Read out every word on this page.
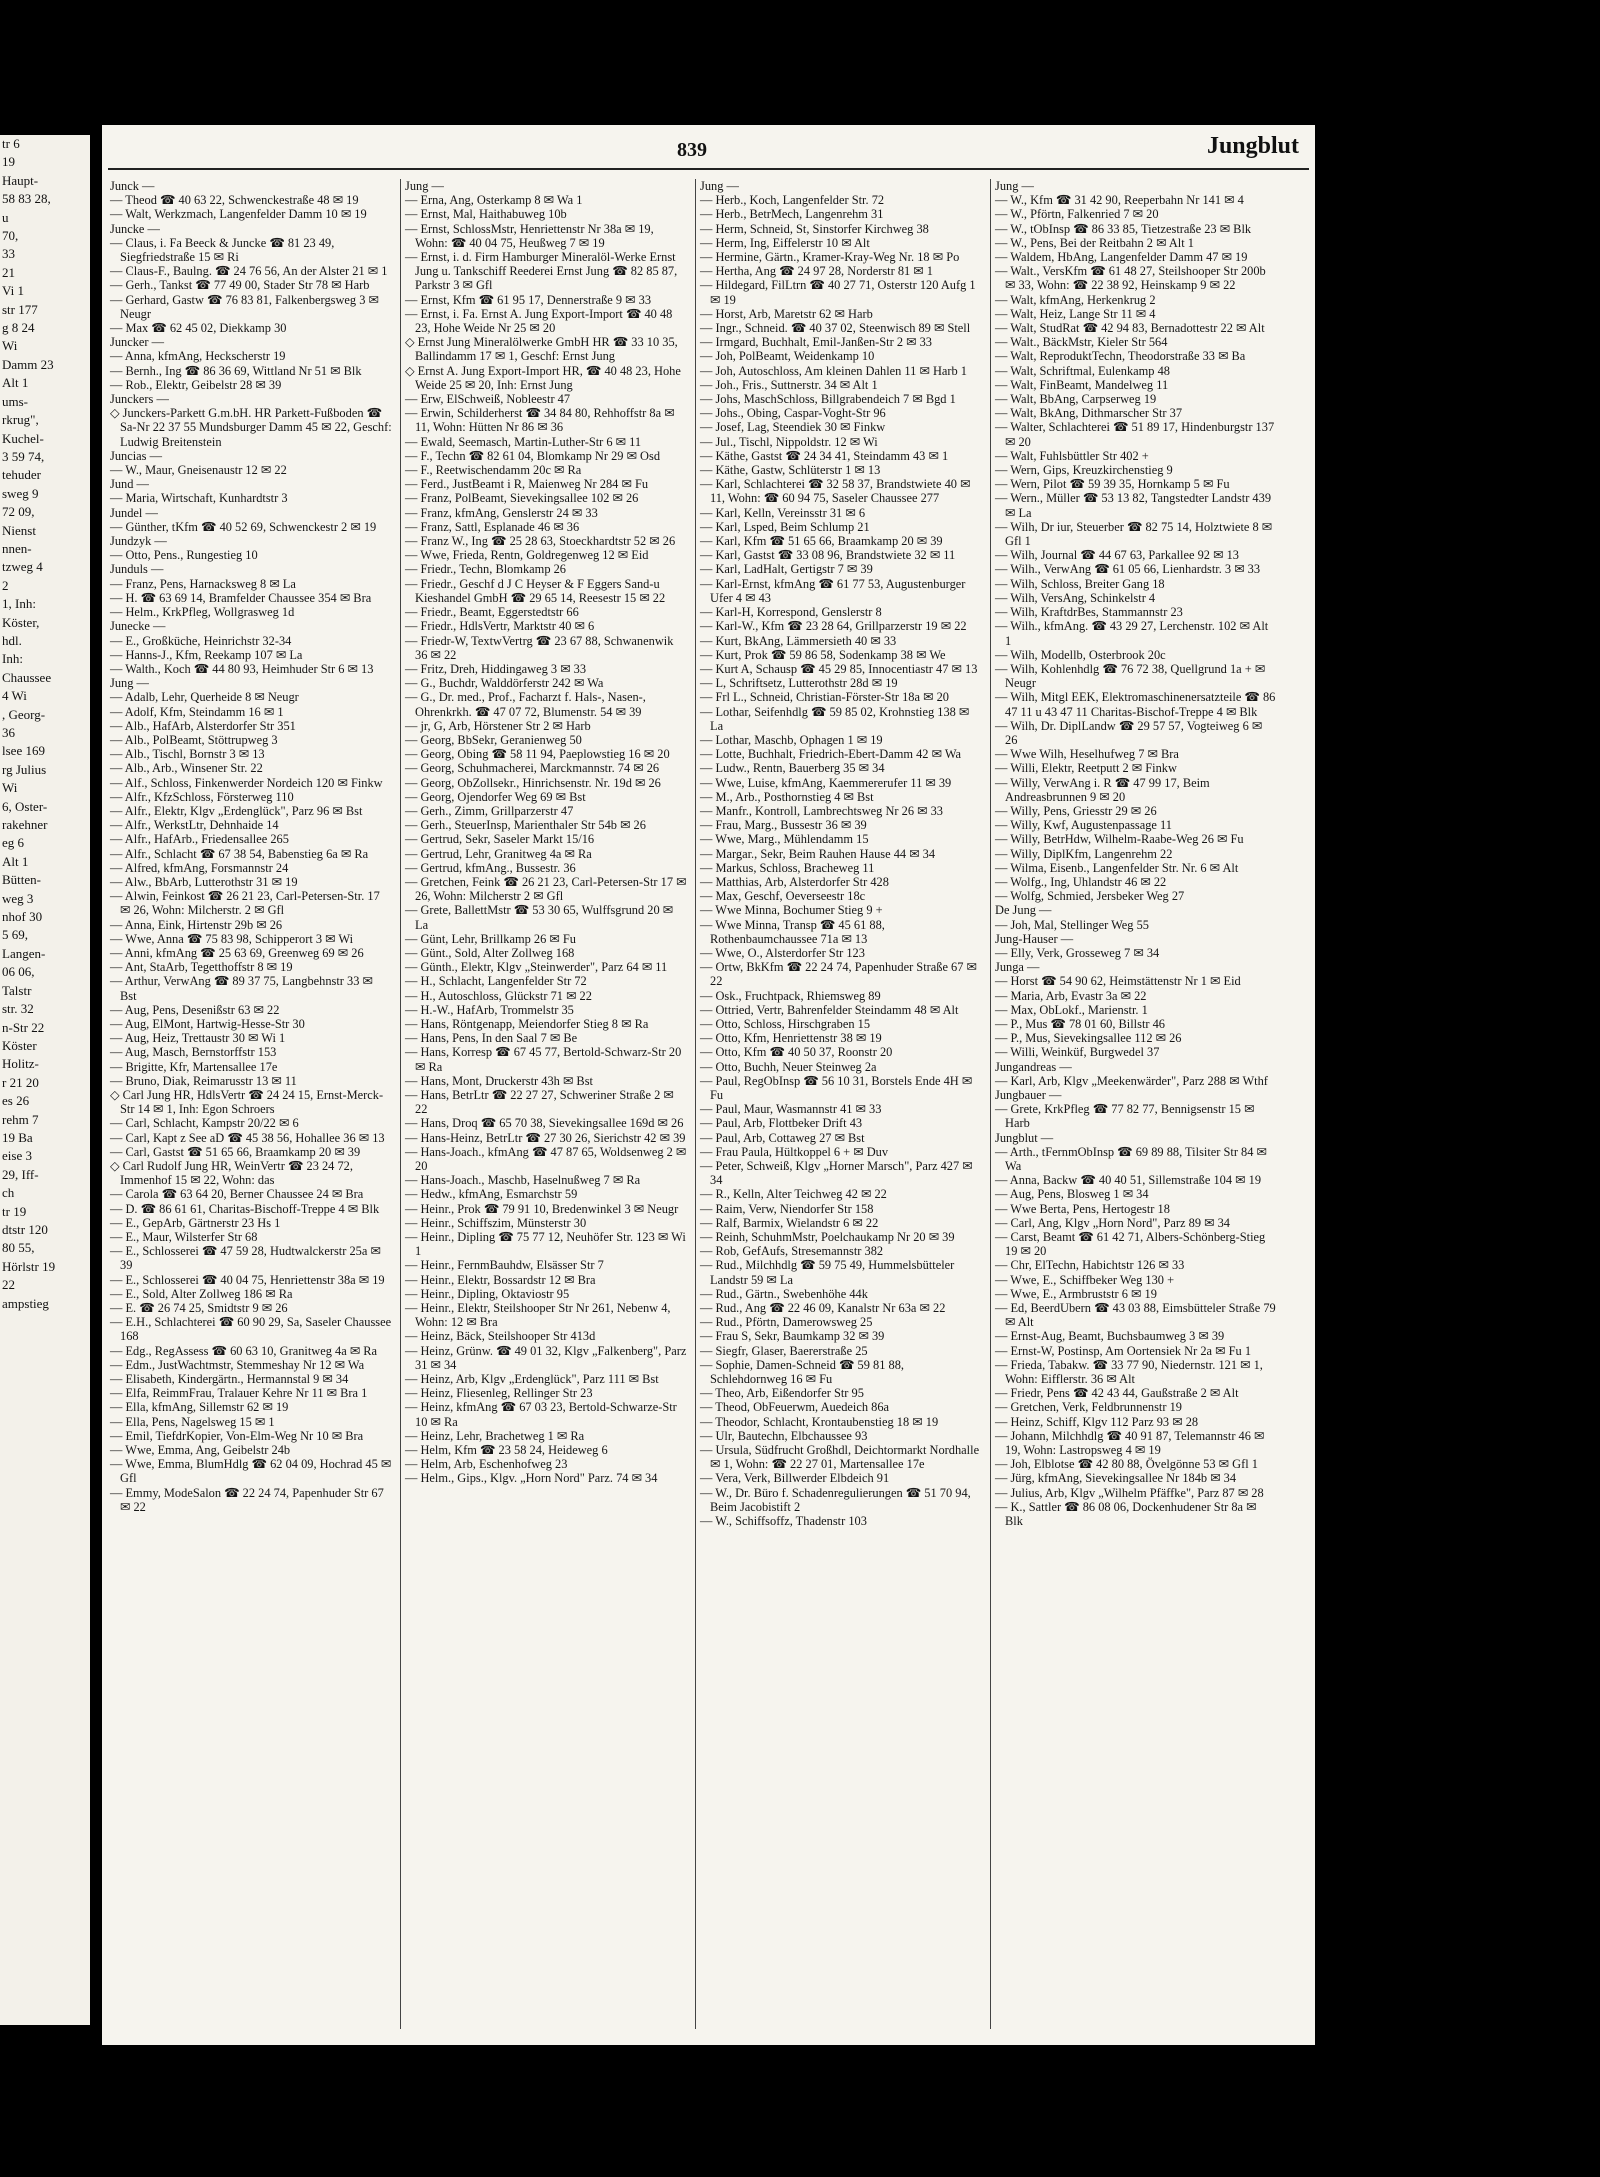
tr 6
19
Haupt-
58 83 28,
u
70,
33
21
Vi 1
str 177
g 8 24
Wi
Damm 23
Alt 1
ums-
rkrug",
Kuchel-
3 59 74,
tehuder
sweg 9
72 09,
Nienst
nnen-
tzweg 4
2
1, Inh:
Köster,
hdl.
Inh:
Chaussee
4 Wi
, Georg-
36
lsee 169
rg Julius
Wi
6, Oster-
rakehner
eg 6
Alt 1
Bütten-
weg 3
nhof 30
5 69,
Langen-
06 06,
Talstr
str. 32
n-Str 22
Köster
Holitz-
r 21 20
es 26
rehm 7
19 Ba
eise 3
29, Iff-
ch
tr 19
dtstr 120
80 55,
Hörlstr 19
22
ampstieg
839	Jungblut

Junck —

— Theod ☎ 40 63 22, Schwenckestraße 48 ✉ 19

— Walt, Werkzmach, Langenfelder Damm 10 ✉ 19

Juncke —

— Claus, i. Fa Beeck & Juncke ☎ 81 23 49, Siegfriedstraße 15 ✉ Ri

— Claus-F., Baulng. ☎ 24 76 56, An der Alster 21 ✉ 1

— Gerh., Tankst ☎ 77 49 00, Stader Str 78 ✉ Harb

— Gerhard, Gastw ☎ 76 83 81, Falkenbergsweg 3 ✉ Neugr

— Max ☎ 62 45 02, Diekkamp 30

Juncker —

— Anna, kfmAng, Heckscherstr 19

— Bernh., Ing ☎ 86 36 69, Wittland Nr 51 ✉ Blk

— Rob., Elektr, Geibelstr 28 ✉ 39

Junckers —

◇ Junckers-Parkett G.m.bH. HR Parkett-Fußboden ☎ Sa-Nr 22 37 55 Mundsburger Damm 45 ✉ 22, Geschf: Ludwig Breitenstein

Juncias —

— W., Maur, Gneisenaustr 12 ✉ 22

Jund —

— Maria, Wirtschaft, Kunhardtstr 3

Jundel —

— Günther, tKfm ☎ 40 52 69, Schwenckestr 2 ✉ 19

Jundzyk —

— Otto, Pens., Rungestieg 10

Junduls —

— Franz, Pens, Harnacksweg 8 ✉ La

— H. ☎ 63 69 14, Bramfelder Chaussee 354 ✉ Bra

— Helm., KrkPfleg, Wollgrasweg 1d

Junecke —

— E., Großküche, Heinrichstr 32-34

— Hanns-J., Kfm, Reekamp 107 ✉ La

— Walth., Koch ☎ 44 80 93, Heimhuder Str 6 ✉ 13

Jung —

— Adalb, Lehr, Querheide 8 ✉ Neugr

— Adolf, Kfm, Steindamm 16 ✉ 1

— Alb., HafArb, Alsterdorfer Str 351

— Alb., PolBeamt, Stöttrupweg 3

— Alb., Tischl, Bornstr 3 ✉ 13

— Alb., Arb., Winsener Str. 22

— Alf., Schloss, Finkenwerder Nordeich 120 ✉ Finkw

— Alfr., KfzSchloss, Försterweg 110

— Alfr., Elektr, Klgv „Erdenglück", Parz 96 ✉ Bst

— Alfr., WerkstLtr, Dehnhaide 14

— Alfr., HafArb., Friedensallee 265

— Alfr., Schlacht ☎ 67 38 54, Babenstieg 6a ✉ Ra

— Alfred, kfmAng, Forsmannstr 24

— Alw., BbArb, Lutterothstr 31 ✉ 19

— Alwin, Feinkost ☎ 26 21 23, Carl-Petersen-Str. 17 ✉ 26, Wohn: Milcherstr. 2 ✉ Gfl

— Anna, Eink, Hirtenstr 29b ✉ 26

— Wwe, Anna ☎ 75 83 98, Schipperort 3 ✉ Wi

— Anni, kfmAng ☎ 25 63 69, Greenweg 69 ✉ 26

— Ant, StaArb, Tegetthoffstr 8 ✉ 19

— Arthur, VerwAng ☎ 89 37 75, Langbehnstr 33 ✉ Bst

— Aug, Pens, Desenißstr 63 ✉ 22

— Aug, ElMont, Hartwig-Hesse-Str 30

— Aug, Heiz, Trettaustr 30 ✉ Wi 1

— Aug, Masch, Bernstorffstr 153

— Brigitte, Kfr, Martensallee 17e

— Bruno, Diak, Reimarusstr 13 ✉ 11

◇ Carl Jung HR, HdlsVertr ☎ 24 24 15, Ernst-Merck-Str 14 ✉ 1, Inh: Egon Schroers

— Carl, Schlacht, Kampstr 20/22 ✉ 6

— Carl, Kapt z See aD ☎ 45 38 56, Hohallee 36 ✉ 13

— Carl, Gastst ☎ 51 65 66, Braamkamp 20 ✉ 39

◇ Carl Rudolf Jung HR, WeinVertr ☎ 23 24 72, Immenhof 15 ✉ 22, Wohn: das

— Carola ☎ 63 64 20, Berner Chaussee 24 ✉ Bra

— D. ☎ 86 61 61, Charitas-Bischoff-Treppe 4 ✉ Blk

— E., GepArb, Gärtnerstr 23 Hs 1

— E., Maur, Wilsterfer Str 68

— E., Schlosserei ☎ 47 59 28, Hudtwalckerstr 25a ✉ 39

— E., Schlosserei ☎ 40 04 75, Henriettenstr 38a ✉ 19

— E., Sold, Alter Zollweg 186 ✉ Ra

— E. ☎ 26 74 25, Smidtstr 9 ✉ 26

— E.H., Schlachterei ☎ 60 90 29, Sa, Saseler Chaussee 168

— Edg., RegAssess ☎ 60 63 10, Granitweg 4a ✉ Ra

— Edm., JustWachtmstr, Stemmeshay Nr 12 ✉ Wa

— Elisabeth, Kindergärtn., Hermannstal 9 ✉ 34

— Elfa, ReimmFrau, Tralauer Kehre Nr 11 ✉ Bra 1

— Ella, kfmAng, Sillemstr 62 ✉ 19

— Ella, Pens, Nagelsweg 15 ✉ 1

— Emil, TiefdrKopier, Von-Elm-Weg Nr 10 ✉ Bra

— Wwe, Emma, Ang, Geibelstr 24b

— Wwe, Emma, BlumHdlg ☎ 62 04 09, Hochrad 45 ✉ Gfl

— Emmy, ModeSalon ☎ 22 24 74, Papenhuder Str 67 ✉ 22

Jung —

— Erna, Ang, Osterkamp 8 ✉ Wa 1

— Ernst, Mal, Haithabuweg 10b

— Ernst, SchlossMstr, Henriettenstr Nr 38a ✉ 19, Wohn: ☎ 40 04 75, Heußweg 7 ✉ 19

— Ernst, i. d. Firm Hamburger Mineralöl-Werke Ernst Jung u. Tankschiff Reederei Ernst Jung ☎ 82 85 87, Parkstr 3 ✉ Gfl

— Ernst, Kfm ☎ 61 95 17, Dennerstraße 9 ✉ 33

— Ernst, i. Fa. Ernst A. Jung Export-Import ☎ 40 48 23, Hohe Weide Nr 25 ✉ 20

◇ Ernst Jung Mineralölwerke GmbH HR ☎ 33 10 35, Ballindamm 17 ✉ 1, Geschf: Ernst Jung

◇ Ernst A. Jung Export-Import HR, ☎ 40 48 23, Hohe Weide 25 ✉ 20, Inh: Ernst Jung

— Erw, ElSchweiß, Nobleestr 47

— Erwin, Schilderherst ☎ 34 84 80, Rehhoffstr 8a ✉ 11, Wohn: Hütten Nr 86 ✉ 36

— Ewald, Seemasch, Martin-Luther-Str 6 ✉ 11

— F., Techn ☎ 82 61 04, Blomkamp Nr 29 ✉ Osd

— F., Reetwischendamm 20c ✉ Ra

— Ferd., JustBeamt i R, Maienweg Nr 284 ✉ Fu

— Franz, PolBeamt, Sievekingsallee 102 ✉ 26

— Franz, kfmAng, Genslerstr 24 ✉ 33

— Franz, Sattl, Esplanade 46 ✉ 36

— Franz W., Ing ☎ 25 28 63, Stoeckhardtstr 52 ✉ 26

— Wwe, Frieda, Rentn, Goldregenweg 12 ✉ Eid

— Friedr., Techn, Blomkamp 26

— Friedr., Geschf d J C Heyser & F Eggers Sand-u Kieshandel GmbH ☎ 29 65 14, Reesestr 15 ✉ 22

— Friedr., Beamt, Eggerstedtstr 66

— Friedr., HdlsVertr, Marktstr 40 ✉ 6

— Friedr-W, TextwVertrg ☎ 23 67 88, Schwanenwik 36 ✉ 22

— Fritz, Dreh, Hiddingaweg 3 ✉ 33

— G., Buchdr, Walddörferstr 242 ✉ Wa

— G., Dr. med., Prof., Facharzt f. Hals-, Nasen-, Ohrenkrkh. ☎ 47 07 72, Blumenstr. 54 ✉ 39

— jr, G, Arb, Hörstener Str 2 ✉ Harb

— Georg, BbSekr, Geranienweg 50

— Georg, Obing ☎ 58 11 94, Paeplowstieg 16 ✉ 20

— Georg, Schuhmacherei, Marckmannstr. 74 ✉ 26

— Georg, ObZollsekr., Hinrichsenstr. Nr. 19d ✉ 26

— Georg, Ojendorfer Weg 69 ✉ Bst

— Gerh., Zimm, Grillparzerstr 47

— Gerh., SteuerInsp, Marienthaler Str 54b ✉ 26

— Gertrud, Sekr, Saseler Markt 15/16

— Gertrud, Lehr, Granitweg 4a ✉ Ra

— Gertrud, kfmAng., Bussestr. 36

— Gretchen, Feink ☎ 26 21 23, Carl-Petersen-Str 17 ✉ 26, Wohn: Milcherstr 2 ✉ Gfl

— Grete, BallettMstr ☎ 53 30 65, Wulffsgrund 20 ✉ La

— Günt, Lehr, Brillkamp 26 ✉ Fu

— Günt., Sold, Alter Zollweg 168

— Günth., Elektr, Klgv „Steinwerder", Parz 64 ✉ 11

— H., Schlacht, Langenfelder Str 72

— H., Autoschloss, Glückstr 71 ✉ 22

— H.-W., HafArb, Trommelstr 35

— Hans, Röntgenapp, Meiendorfer Stieg 8 ✉ Ra

— Hans, Pens, In den Saal 7 ✉ Be

— Hans, Korresp ☎ 67 45 77, Bertold-Schwarz-Str 20 ✉ Ra

— Hans, Mont, Druckerstr 43h ✉ Bst

— Hans, BetrLtr ☎ 22 27 27, Schweriner Straße 2 ✉ 22

— Hans, Droq ☎ 65 70 38, Sievekingsallee 169d ✉ 26

— Hans-Heinz, BetrLtr ☎ 27 30 26, Sierichstr 42 ✉ 39

— Hans-Joach., kfmAng ☎ 47 87 65, Woldsenweg 2 ✉ 20

— Hans-Joach., Maschb, Haselnußweg 7 ✉ Ra

— Hedw., kfmAng, Esmarchstr 59

— Heinr., Prok ☎ 79 91 10, Bredenwinkel 3 ✉ Neugr

— Heinr., Schiffszim, Münsterstr 30

— Heinr., Dipling ☎ 75 77 12, Neuhöfer Str. 123 ✉ Wi 1

— Heinr., FernmBauhdw, Elsässer Str 7

— Heinr., Elektr, Bossardstr 12 ✉ Bra

— Heinr., Dipling, Oktaviostr 95

— Heinr., Elektr, Steilshooper Str Nr 261, Nebenw 4, Wohn: 12 ✉ Bra

— Heinz, Bäck, Steilshooper Str 413d

— Heinz, Grünw. ☎ 49 01 32, Klgv „Falkenberg", Parz 31 ✉ 34

— Heinz, Arb, Klgv „Erdenglück", Parz 111 ✉ Bst

— Heinz, Fliesenleg, Rellinger Str 23

— Heinz, kfmAng ☎ 67 03 23, Bertold-Schwarze-Str 10 ✉ Ra

— Heinz, Lehr, Brachetweg 1 ✉ Ra

— Helm, Kfm ☎ 23 58 24, Heideweg 6

— Helm, Arb, Eschenhofweg 23

— Helm., Gips., Klgv. „Horn Nord" Parz. 74 ✉ 34

Jung —

— Herb., Koch, Langenfelder Str. 72

— Herb., BetrMech, Langenrehm 31

— Herm, Schneid, St, Sinstorfer Kirchweg 38

— Herm, Ing, Eiffelerstr 10 ✉ Alt

— Hermine, Gärtn., Kramer-Kray-Weg Nr. 18 ✉ Po

— Hertha, Ang ☎ 24 97 28, Norderstr 81 ✉ 1

— Hildegard, FilLtrn ☎ 40 27 71, Osterstr 120 Aufg 1 ✉ 19

— Horst, Arb, Maretstr 62 ✉ Harb

— Ingr., Schneid. ☎ 40 37 02, Steenwisch 89 ✉ Stell

— Irmgard, Buchhalt, Emil-Janßen-Str 2 ✉ 33

— Joh, PolBeamt, Weidenkamp 10

— Joh, Autoschloss, Am kleinen Dahlen 11 ✉ Harb 1

— Joh., Fris., Suttnerstr. 34 ✉ Alt 1

— Johs, MaschSchloss, Billgrabendeich 7 ✉ Bgd 1

— Johs., Obing, Caspar-Voght-Str 96

— Josef, Lag, Steendiek 30 ✉ Finkw

— Jul., Tischl, Nippoldstr. 12 ✉ Wi

— Käthe, Gastst ☎ 24 34 41, Steindamm 43 ✉ 1

— Käthe, Gastw, Schlüterstr 1 ✉ 13

— Karl, Schlachterei ☎ 32 58 37, Brandstwiete 40 ✉ 11, Wohn: ☎ 60 94 75, Saseler Chaussee 277

— Karl, Kelln, Vereinsstr 31 ✉ 6

— Karl, Lsped, Beim Schlump 21

— Karl, Kfm ☎ 51 65 66, Braamkamp 20 ✉ 39

— Karl, Gastst ☎ 33 08 96, Brandstwiete 32 ✉ 11

— Karl, LadHalt, Gertigstr 7 ✉ 39

— Karl-Ernst, kfmAng ☎ 61 77 53, Augustenburger Ufer 4 ✉ 43

— Karl-H, Korrespond, Genslerstr 8

— Karl-W., Kfm ☎ 23 28 64, Grillparzerstr 19 ✉ 22

— Kurt, BkAng, Lämmersieth 40 ✉ 33

— Kurt, Prok ☎ 59 86 58, Sodenkamp 38 ✉ We

— Kurt A, Schausp ☎ 45 29 85, Innocentiastr 47 ✉ 13

— L, Schriftsetz, Lutterothstr 28d ✉ 19

— Frl L., Schneid, Christian-Förster-Str 18a ✉ 20

— Lothar, Seifenhdlg ☎ 59 85 02, Krohnstieg 138 ✉ La

— Lothar, Maschb, Ophagen 1 ✉ 19

— Lotte, Buchhalt, Friedrich-Ebert-Damm 42 ✉ Wa

— Ludw., Rentn, Bauerberg 35 ✉ 34

— Wwe, Luise, kfmAng, Kaemmererufer 11 ✉ 39

— M., Arb., Posthornstieg 4 ✉ Bst

— Manfr., Kontroll, Lambrechtsweg Nr 26 ✉ 33

— Frau, Marg., Bussestr 36 ✉ 39

— Wwe, Marg., Mühlendamm 15

— Margar., Sekr, Beim Rauhen Hause 44 ✉ 34

— Markus, Schloss, Bracheweg 11

— Matthias, Arb, Alsterdorfer Str 428

— Max, Geschf, Oeverseestr 18c

— Wwe Minna, Bochumer Stieg 9 +

— Wwe Minna, Transp ☎ 45 61 88, Rothenbaumchaussee 71a ✉ 13

— Wwe, O., Alsterdorfer Str 123

— Ortw, BkKfm ☎ 22 24 74, Papenhuder Straße 67 ✉ 22

— Osk., Fruchtpack, Rhiemsweg 89

— Ottried, Vertr, Bahrenfelder Steindamm 48 ✉ Alt

— Otto, Schloss, Hirschgraben 15

— Otto, Kfm, Henriettenstr 38 ✉ 19

— Otto, Kfm ☎ 40 50 37, Roonstr 20

— Otto, Buchh, Neuer Steinweg 2a

— Paul, RegObInsp ☎ 56 10 31, Borstels Ende 4H ✉ Fu

— Paul, Maur, Wasmannstr 41 ✉ 33

— Paul, Arb, Flottbeker Drift 43

— Paul, Arb, Cottaweg 27 ✉ Bst

— Frau Paula, Hültkoppel 6 + ✉ Duv

— Peter, Schweiß, Klgv „Horner Marsch", Parz 427 ✉ 34

— R., Kelln, Alter Teichweg 42 ✉ 22

— Raim, Verw, Niendorfer Str 158

— Ralf, Barmix, Wielandstr 6 ✉ 22

— Reinh, SchuhmMstr, Poelchaukamp Nr 20 ✉ 39

— Rob, GefAufs, Stresemannstr 382

— Rud., Milchhdlg ☎ 59 75 49, Hummelsbütteler Landstr 59 ✉ La

— Rud., Gärtn., Swebenhöhe 44k

— Rud., Ang ☎ 22 46 09, Kanalstr Nr 63a ✉ 22

— Rud., Pförtn, Damerowsweg 25

— Frau S, Sekr, Baumkamp 32 ✉ 39

— Siegfr, Glaser, Baererstraße 25

— Sophie, Damen-Schneid ☎ 59 81 88, Schlehdornweg 16 ✉ Fu

— Theo, Arb, Eißendorfer Str 95

— Theod, ObFeuerwm, Auedeich 86a

— Theodor, Schlacht, Krontaubenstieg 18 ✉ 19

— Ulr, Bautechn, Elbchaussee 93

— Ursula, Südfrucht Großhdl, Deichtormarkt Nordhalle ✉ 1, Wohn: ☎ 22 27 01, Martensallee 17e

— Vera, Verk, Billwerder Elbdeich 91

— W., Dr. Büro f. Schadenregulierungen ☎ 51 70 94, Beim Jacobistift 2

— W., Schiffsoffz, Thadenstr 103

Jung —

— W., Kfm ☎ 31 42 90, Reeperbahn Nr 141 ✉ 4

— W., Pförtn, Falkenried 7 ✉ 20

— W., tObInsp ☎ 86 33 85, Tietzestraße 23 ✉ Blk

— W., Pens, Bei der Reitbahn 2 ✉ Alt 1

— Waldem, HbAng, Langenfelder Damm 47 ✉ 19

— Walt., VersKfm ☎ 61 48 27, Steilshooper Str 200b ✉ 33, Wohn: ☎ 22 38 92, Heinskamp 9 ✉ 22

— Walt, kfmAng, Herkenkrug 2

— Walt, Heiz, Lange Str 11 ✉ 4

— Walt, StudRat ☎ 42 94 83, Bernadottestr 22 ✉ Alt

— Walt., BäckMstr, Kieler Str 564

— Walt, ReproduktTechn, Theodorstraße 33 ✉ Ba

— Walt, Schriftmal, Eulenkamp 48

— Walt, FinBeamt, Mandelweg 11

— Walt, BbAng, Carpserweg 19

— Walt, BkAng, Dithmarscher Str 37

— Walter, Schlachterei ☎ 51 89 17, Hindenburgstr 137 ✉ 20

— Walt, Fuhlsbüttler Str 402 +

— Wern, Gips, Kreuzkirchenstieg 9

— Wern, Pilot ☎ 59 39 35, Hornkamp 5 ✉ Fu

— Wern., Müller ☎ 53 13 82, Tangstedter Landstr 439 ✉ La

— Wilh, Dr iur, Steuerber ☎ 82 75 14, Holztwiete 8 ✉ Gfl 1

— Wilh, Journal ☎ 44 67 63, Parkallee 92 ✉ 13

— Wilh., VerwAng ☎ 61 05 66, Lienhardstr. 3 ✉ 33

— Wilh, Schloss, Breiter Gang 18

— Wilh, VersAng, Schinkelstr 4

— Wilh, KraftdrBes, Stammannstr 23

— Wilh., kfmAng. ☎ 43 29 27, Lerchenstr. 102 ✉ Alt 1

— Wilh, Modellb, Osterbrook 20c

— Wilh, Kohlenhdlg ☎ 76 72 38, Quellgrund 1a + ✉ Neugr

— Wilh, Mitgl EEK, Elektromaschinenersatzteile ☎ 86 47 11 u 43 47 11 Charitas-Bischof-Treppe 4 ✉ Blk

— Wilh, Dr. DiplLandw ☎ 29 57 57, Vogteiweg 6 ✉ 26

— Wwe Wilh, Heselhufweg 7 ✉ Bra

— Willi, Elektr, Reetputt 2 ✉ Finkw

— Willy, VerwAng i. R ☎ 47 99 17, Beim Andreasbrunnen 9 ✉ 20

— Willy, Pens, Griesstr 29 ✉ 26

— Willy, Kwf, Augustenpassage 11

— Willy, BetrHdw, Wilhelm-Raabe-Weg 26 ✉ Fu

— Willy, DiplKfm, Langenrehm 22

— Wilma, Eisenb., Langenfelder Str. Nr. 6 ✉ Alt

— Wolfg., Ing, Uhlandstr 46 ✉ 22

— Wolfg, Schmied, Jersbeker Weg 27

De Jung —

— Joh, Mal, Stellinger Weg 55

Jung-Hauser —

— Elly, Verk, Grosseweg 7 ✉ 34

Junga —

— Horst ☎ 54 90 62, Heimstättenstr Nr 1 ✉ Eid

— Maria, Arb, Evastr 3a ✉ 22

— Max, ObLokf., Marienstr. 1

— P., Mus ☎ 78 01 60, Billstr 46

— P., Mus, Sievekingsallee 112 ✉ 26

— Willi, Weinküf, Burgwedel 37

Jungandreas —

— Karl, Arb, Klgv „Meekenwärder", Parz 288 ✉ Wthf

Jungbauer —

— Grete, KrkPfleg ☎ 77 82 77, Bennigsenstr 15 ✉ Harb

Jungblut —

— Arth., tFernmObInsp ☎ 69 89 88, Tilsiter Str 84 ✉ Wa

— Anna, Backw ☎ 40 40 51, Sillemstraße 104 ✉ 19

— Aug, Pens, Blosweg 1 ✉ 34

— Wwe Berta, Pens, Hertogestr 18

— Carl, Ang, Klgv „Horn Nord", Parz 89 ✉ 34

— Carst, Beamt ☎ 61 42 71, Albers-Schönberg-Stieg 19 ✉ 20

— Chr, ElTechn, Habichtstr 126 ✉ 33

— Wwe, E., Schiffbeker Weg 130 +

— Wwe, E., Armbruststr 6 ✉ 19

— Ed, BeerdUbern ☎ 43 03 88, Eimsbütteler Straße 79 ✉ Alt

— Ernst-Aug, Beamt, Buchsbaumweg 3 ✉ 39

— Ernst-W, Postinsp, Am Oortensiek Nr 2a ✉ Fu 1

— Frieda, Tabakw. ☎ 33 77 90, Niedernstr. 121 ✉ 1, Wohn: Eifflerstr. 36 ✉ Alt

— Friedr, Pens ☎ 42 43 44, Gaußstraße 2 ✉ Alt

— Gretchen, Verk, Feldbrunnenstr 19

— Heinz, Schiff, Klgv 112 Parz 93 ✉ 28

— Johann, Milchhdlg ☎ 40 91 87, Telemannstr 46 ✉ 19, Wohn: Lastropsweg 4 ✉ 19

— Joh, Elblotse ☎ 42 80 88, Övelgönne 53 ✉ Gfl 1

— Jürg, kfmAng, Sievekingsallee Nr 184b ✉ 34

— Julius, Arb, Klgv „Wilhelm Pfäffke", Parz 87 ✉ 28

— K., Sattler ☎ 86 08 06, Dockenhudener Str 8a ✉ Blk
